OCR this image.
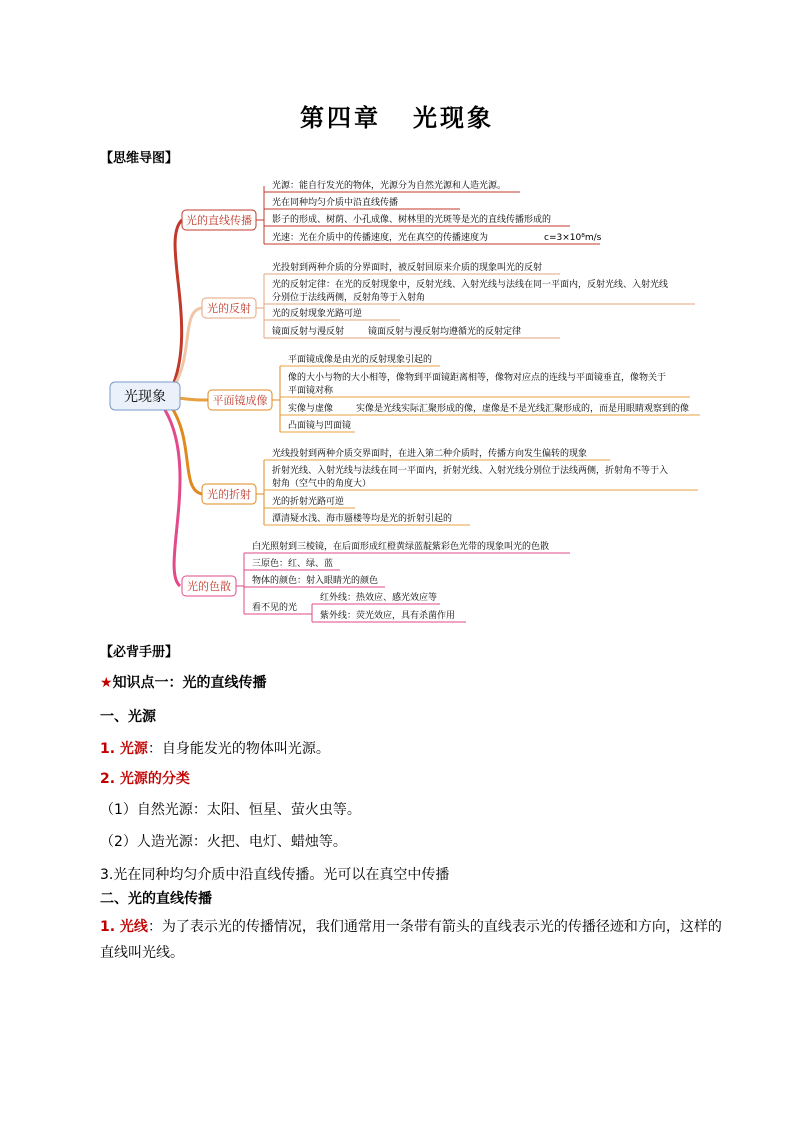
第四章 光现象
【思维导图】
光现象
光的直线传播
光源：能自行发光的物体，光源分为自然光源和人造光源。
光在同种均匀介质中沿直线传播
影子的形成、树荫、小孔成像、树林里的光斑等是光的直线传播形成的
光速：光在介质中的传播速度，光在真空的传播速度为	c=3×10⁸m/s
光的反射
光投射到两种介质的分界面时，被反射回原来介质的现象叫光的反射
光的反射定律：在光的反射现象中，反射光线、入射光线与法线在同一平面内，反射光线、入射光线
分别位于法线两侧，反射角等于入射角
光的反射现象光路可逆
镜面反射与漫反射	镜面反射与漫反射均遵循光的反射定律
平面镜成像
平面镜成像是由光的反射现象引起的
像的大小与物的大小相等，像物到平面镜距离相等，像物对应点的连线与平面镜垂直，像物关于
平面镜对称
实像与虚像	实像是光线实际汇聚形成的像，虚像是不是光线汇聚形成的，而是用眼睛观察到的像
凸面镜与凹面镜
光的折射
光线投射到两种介质交界面时，在进入第二种介质时，传播方向发生偏转的现象
折射光线、入射光线与法线在同一平面内，折射光线、入射光线分别位于法线两侧，折射角不等于入
射角（空气中的角度大）
光的折射光路可逆
潭清疑水浅、海市蜃楼等均是光的折射引起的
光的色散
白光照射到三棱镜，在后面形成红橙黄绿蓝靛紫彩色光带的现象叫光的色散
三原色：红、绿、蓝
物体的颜色：射入眼睛光的颜色
看不见的光
红外线：热效应、感光效应等
紫外线：荧光效应，具有杀菌作用
【必背手册】
★知识点一：光的直线传播
一、光源
1. 光源：自身能发光的物体叫光源。
2. 光源的分类
（1）自然光源：太阳、恒星、萤火虫等。
（2）人造光源：火把、电灯、蜡烛等。
3.光在同种均匀介质中沿直线传播。光可以在真空中传播
二、光的直线传播
1. 光线：为了表示光的传播情况，我们通常用一条带有箭头的直线表示光的传播径迹和方向，这样的直线叫光线。
